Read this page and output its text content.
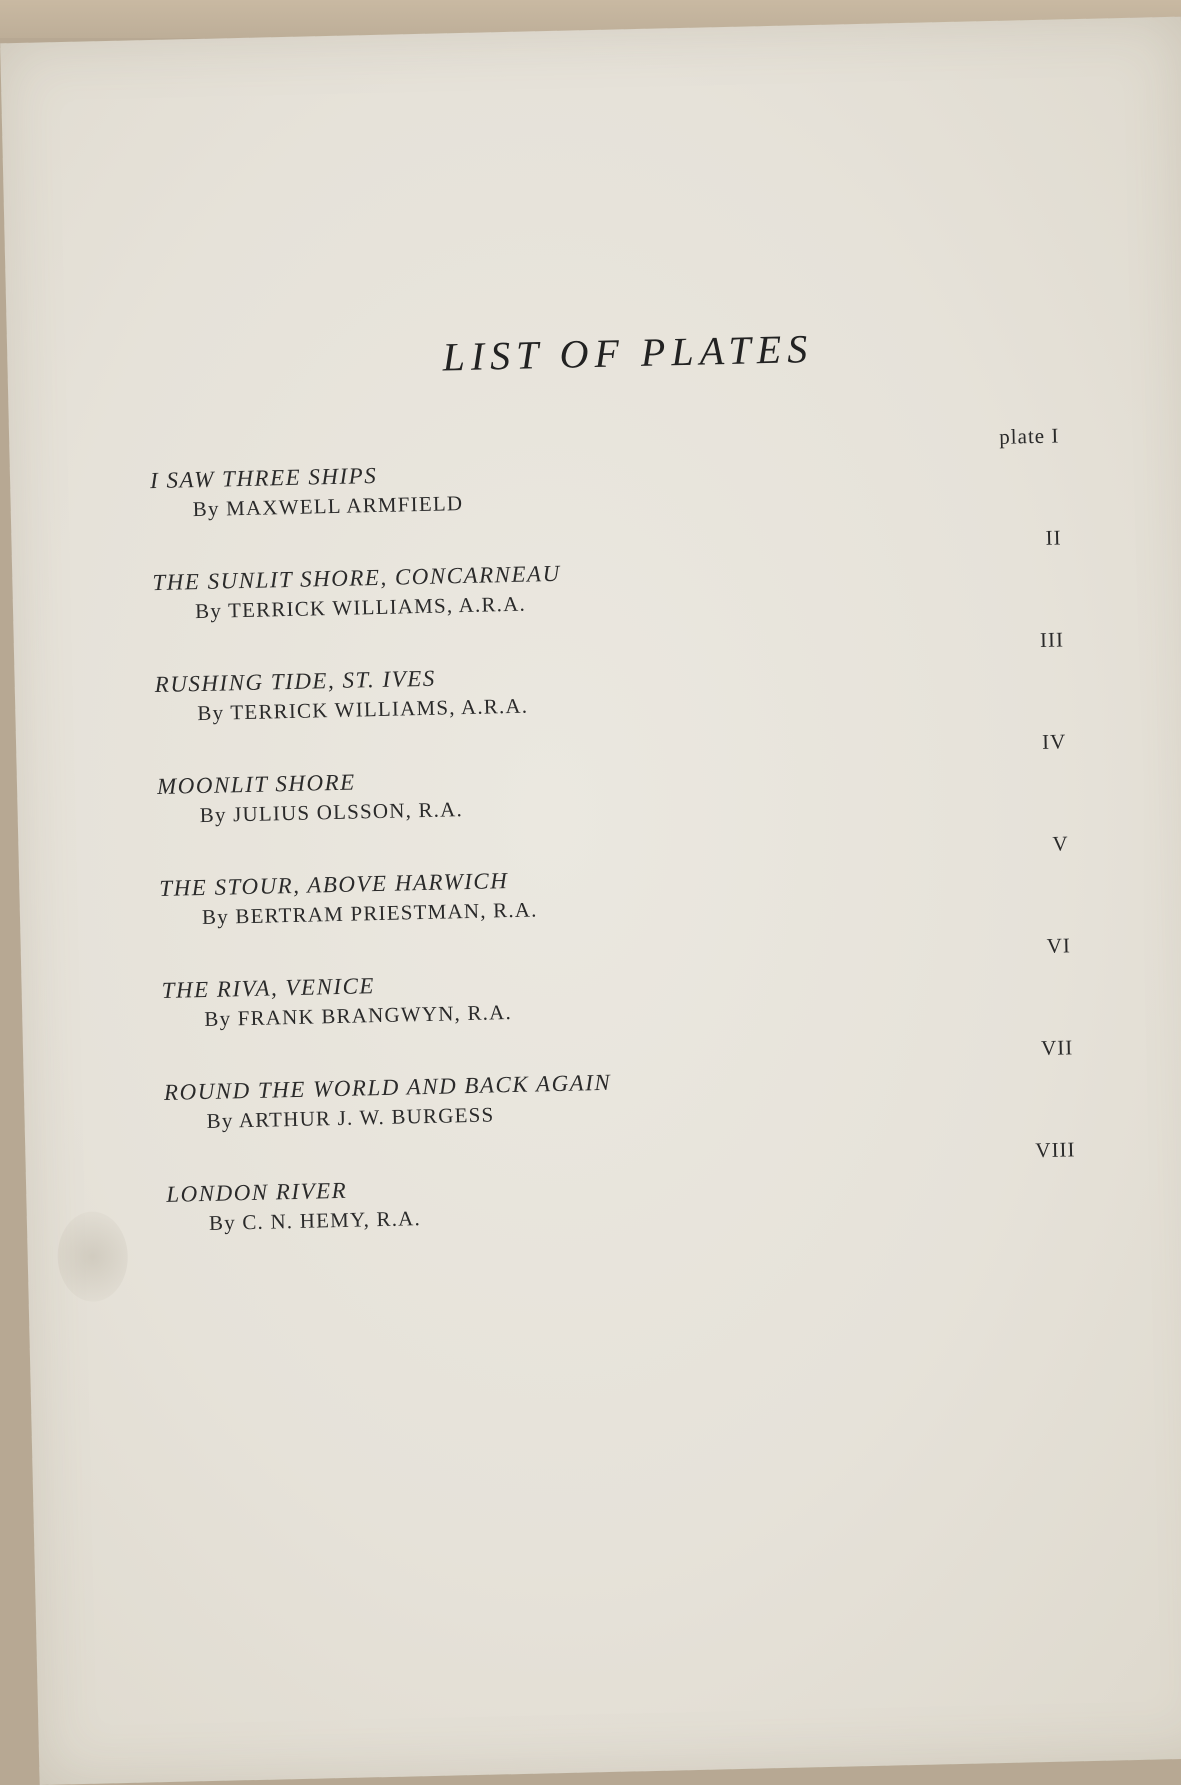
LIST OF PLATES
plate I
I SAW THREE SHIPS
By MAXWELL ARMFIELD
II
THE SUNLIT SHORE, CONCARNEAU
By TERRICK WILLIAMS, A.R.A.
III
RUSHING TIDE, ST. IVES
By TERRICK WILLIAMS, A.R.A.
IV
MOONLIT SHORE
By JULIUS OLSSON, R.A.
V
THE STOUR, ABOVE HARWICH
By BERTRAM PRIESTMAN, R.A.
VI
THE RIVA, VENICE
By FRANK BRANGWYN, R.A.
VII
ROUND THE WORLD AND BACK AGAIN
By ARTHUR J. W. BURGESS
VIII
LONDON RIVER
By C. N. HEMY, R.A.
